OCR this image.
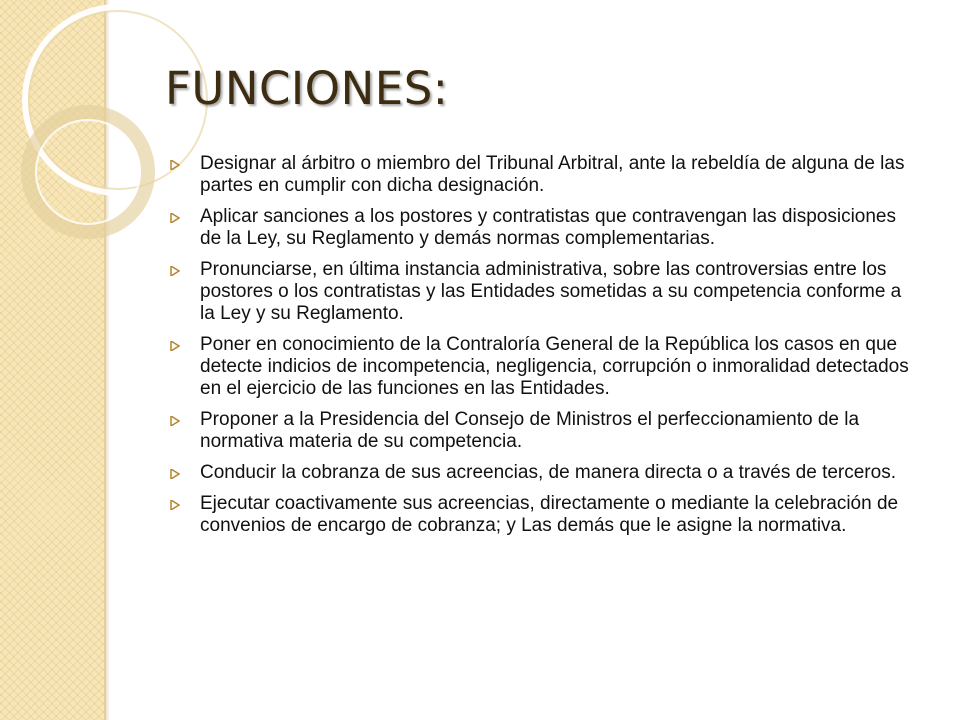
FUNCIONES:
Designar al árbitro o miembro del Tribunal Arbitral, ante la rebeldía de alguna de las partes en cumplir con dicha designación.
Aplicar sanciones a los postores y contratistas que contravengan las disposiciones de la Ley, su Reglamento y demás normas complementarias.
Pronunciarse, en última instancia administrativa, sobre las controversias entre los postores o los contratistas y las Entidades sometidas a su competencia conforme a la Ley y su Reglamento.
Poner en conocimiento de la Contraloría General de la República los casos en que detecte indicios de incompetencia, negligencia, corrupción o inmoralidad detectados en el ejercicio de las funciones en las Entidades.
Proponer a la Presidencia del Consejo de Ministros el perfeccionamiento de la normativa materia de su competencia.
Conducir la cobranza de sus acreencias, de manera directa o a través de terceros.
Ejecutar coactivamente sus acreencias, directamente o mediante la celebración de convenios de encargo de cobranza; y Las demás que le asigne la normativa.
